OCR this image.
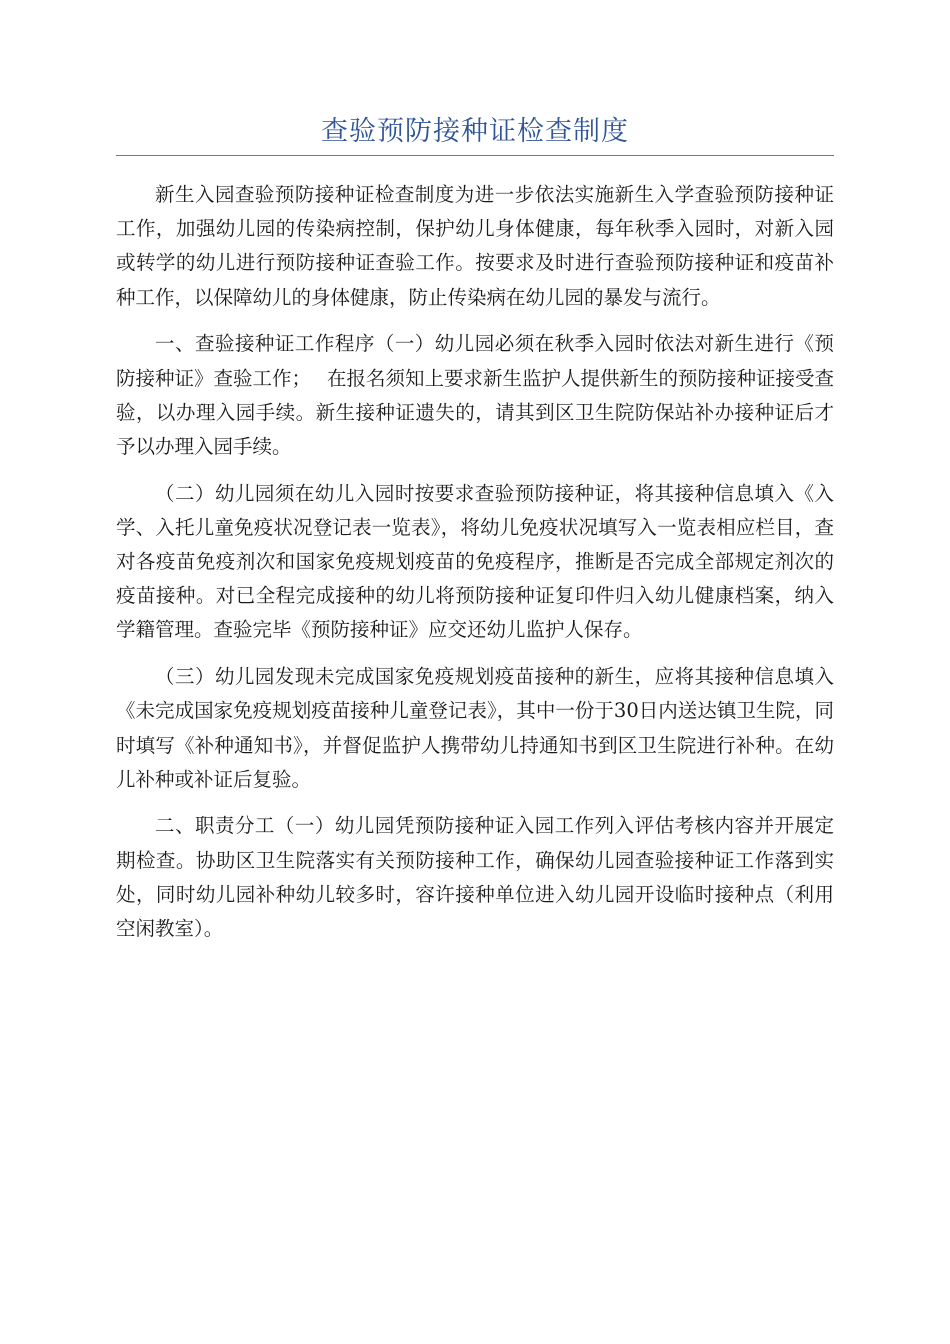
查验预防接种证检查制度

新生入园查验预防接种证检查制度为进一步依法实施新生入学查验预防接种证工作，加强幼儿园的传染病控制，保护幼儿身体健康，每年秋季入园时，对新入园或转学的幼儿进行预防接种证查验工作。按要求及时进行查验预防接种证和疫苗补种工作，以保障幼儿的身体健康，防止传染病在幼儿园的暴发与流行。

一、查验接种证工作程序（一）幼儿园必须在秋季入园时依法对新生进行《预防接种证》查验工作；　 在报名须知上要求新生监护人提供新生的预防接种证接受查验，以办理入园手续。新生接种证遗失的，请其到区卫生院防保站补办接种证后才予以办理入园手续。

（二）幼儿园须在幼儿入园时按要求查验预防接种证，将其接种信息填入《入学、入托儿童免疫状况登记表一览表》，将幼儿免疫状况填写入一览表相应栏目，查对各疫苗免疫剂次和国家免疫规划疫苗的免疫程序，推断是否完成全部规定剂次的疫苗接种。对已全程完成接种的幼儿将预防接种证复印件归入幼儿健康档案，纳入学籍管理。查验完毕《预防接种证》应交还幼儿监护人保存。

（三）幼儿园发现未完成国家免疫规划疫苗接种的新生，应将其接种信息填入《未完成国家免疫规划疫苗接种儿童登记表》，其中一份于30日内送达镇卫生院，同时填写《补种通知书》，并督促监护人携带幼儿持通知书到区卫生院进行补种。在幼儿补种或补证后复验。

二、职责分工（一）幼儿园凭预防接种证入园工作列入评估考核内容并开展定期检查。协助区卫生院落实有关预防接种工作，确保幼儿园查验接种证工作落到实处，同时幼儿园补种幼儿较多时，容许接种单位进入幼儿园开设临时接种点（利用空闲教室）。
